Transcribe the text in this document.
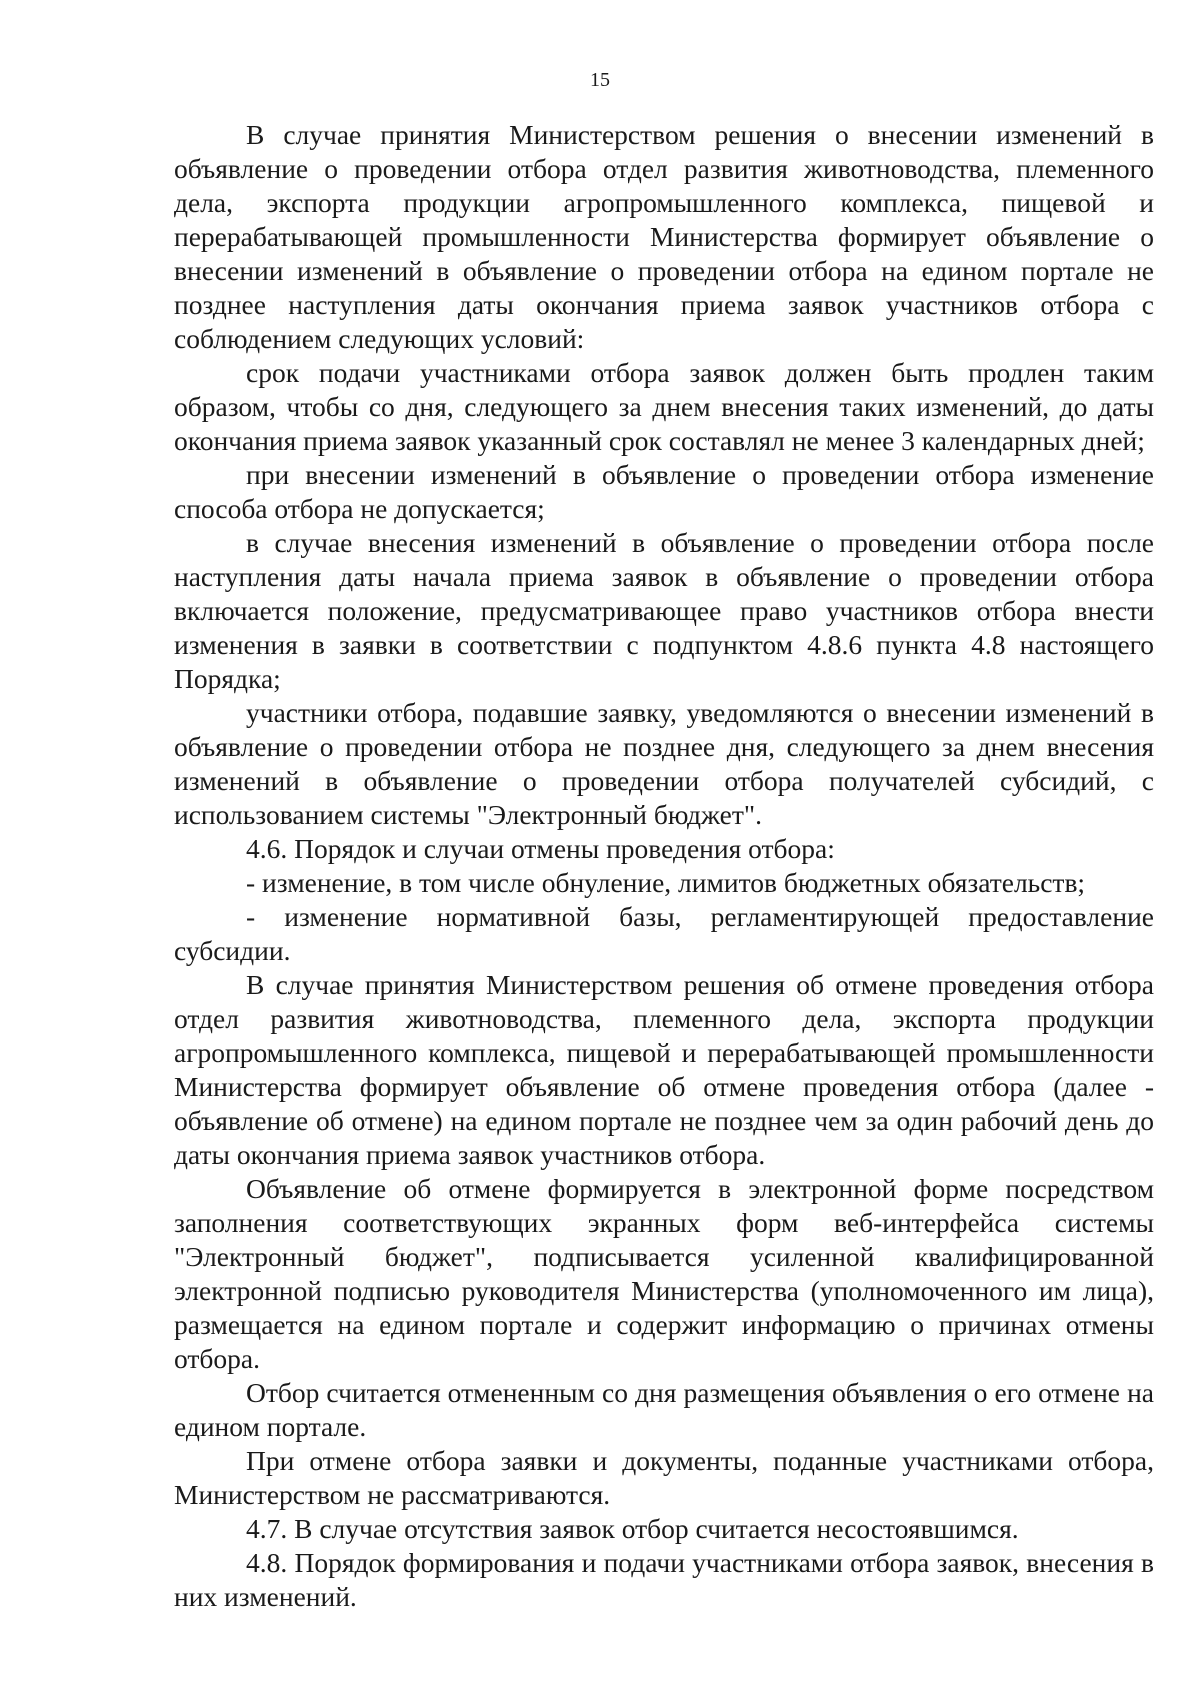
15

В случае принятия Министерством решения о внесении изменений в объявление о проведении отбора отдел развития животноводства, племенного дела, экспорта продукции агропромышленного комплекса, пищевой и перерабатывающей промышленности Министерства формирует объявление о внесении изменений в объявление о проведении отбора на едином портале не позднее наступления даты окончания приема заявок участников отбора с соблюдением следующих условий:

срок подачи участниками отбора заявок должен быть продлен таким образом, чтобы со дня, следующего за днем внесения таких изменений, до даты окончания приема заявок указанный срок составлял не менее 3 календарных дней;

при внесении изменений в объявление о проведении отбора изменение способа отбора не допускается;

в случае внесения изменений в объявление о проведении отбора после наступления даты начала приема заявок в объявление о проведении отбора включается положение, предусматривающее право участников отбора внести изменения в заявки в соответствии с подпунктом 4.8.6 пункта 4.8 настоящего Порядка;

участники отбора, подавшие заявку, уведомляются о внесении изменений в объявление о проведении отбора не позднее дня, следующего за днем внесения изменений в объявление о проведении отбора получателей субсидий, с использованием системы "Электронный бюджет".

4.6. Порядок и случаи отмены проведения отбора:

- изменение, в том числе обнуление, лимитов бюджетных обязательств;

- изменение нормативной базы, регламентирующей предоставление субсидии.

В случае принятия Министерством решения об отмене проведения отбора отдел развития животноводства, племенного дела, экспорта продукции агропромышленного комплекса, пищевой и перерабатывающей промышленности Министерства формирует объявление об отмене проведения отбора (далее - объявление об отмене) на едином портале не позднее чем за один рабочий день до даты окончания приема заявок участников отбора.

Объявление об отмене формируется в электронной форме посредством заполнения соответствующих экранных форм веб-интерфейса системы "Электронный бюджет", подписывается усиленной квалифицированной электронной подписью руководителя Министерства (уполномоченного им лица), размещается на едином портале и содержит информацию о причинах отмены отбора.

Отбор считается отмененным со дня размещения объявления о его отмене на едином портале.

При отмене отбора заявки и документы, поданные участниками отбора, Министерством не рассматриваются.

4.7. В случае отсутствия заявок отбор считается несостоявшимся.

4.8. Порядок формирования и подачи участниками отбора заявок, внесения в них изменений.
